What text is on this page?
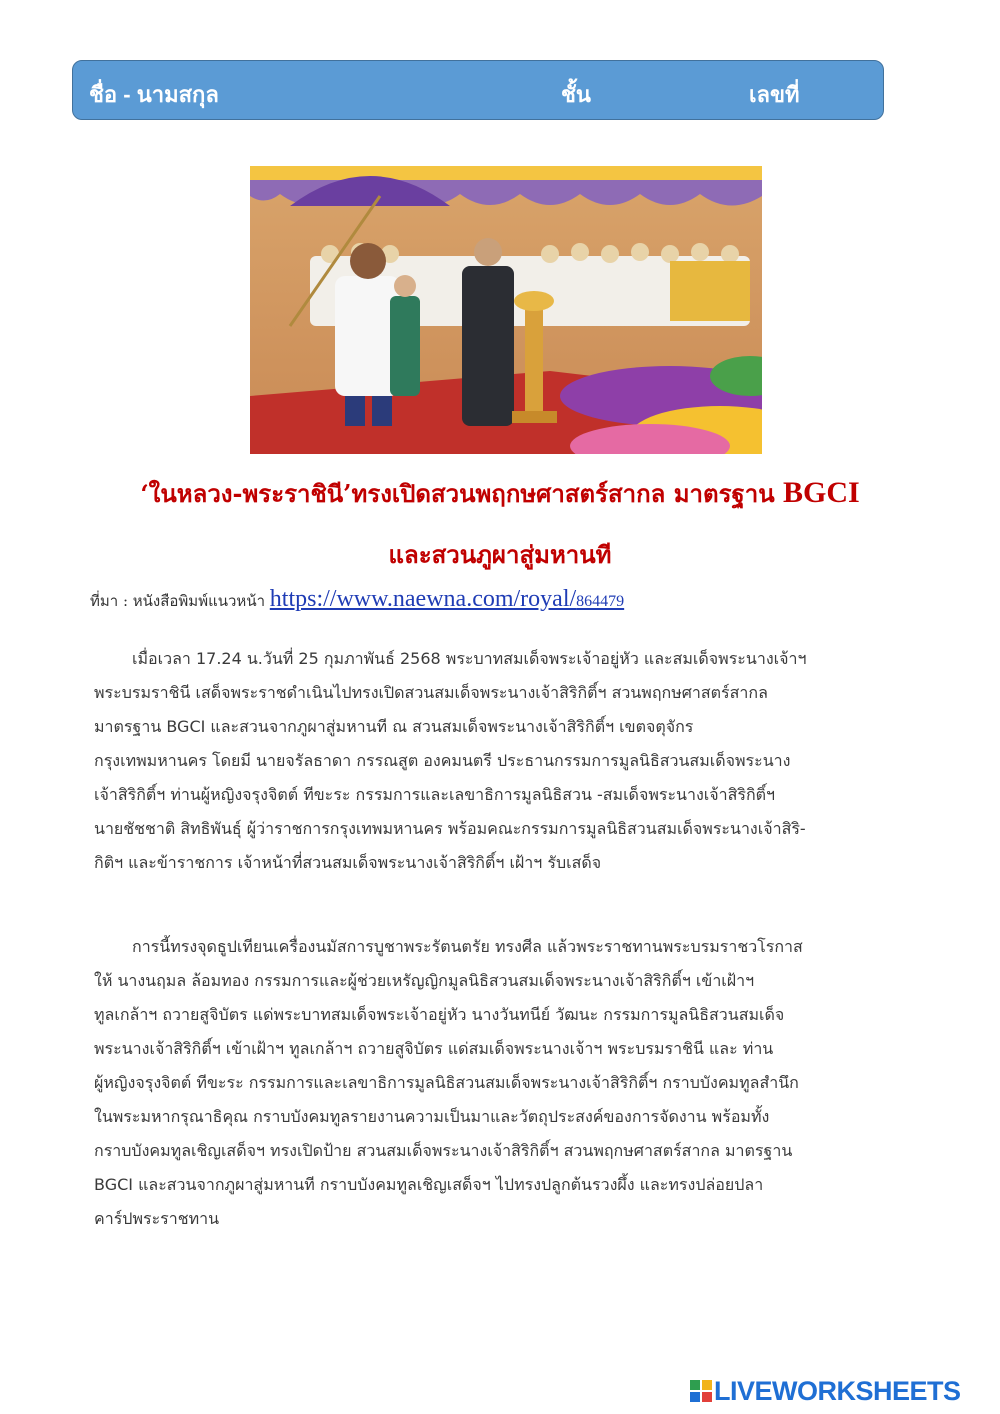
ชื่อ - นามสกุล	ชั้น	เลขที่
‘ในหลวง-พระราชินี’ทรงเปิดสวนพฤกษศาสตร์สากล มาตรฐาน BGCI
และสวนภูผาสู่มหานที
ที่มา : หนังสือพิมพ์แนวหน้า https://www.naewna.com/royal/864479
เมื่อเวลา 17.24 น.วันที่ 25 กุมภาพันธ์ 2568 พระบาทสมเด็จพระเจ้าอยู่หัว และสมเด็จพระนางเจ้าฯ
พระบรมราชินี เสด็จพระราชดำเนินไปทรงเปิดสวนสมเด็จพระนางเจ้าสิริกิติ์ฯ สวนพฤกษศาสตร์สากล
มาตรฐาน BGCI และสวนจากภูผาสู่มหานที ณ สวนสมเด็จพระนางเจ้าสิริกิติ์ฯ เขตจตุจักร
กรุงเทพมหานคร โดยมี นายจรัลธาดา กรรณสูต องคมนตรี ประธานกรรมการมูลนิธิสวนสมเด็จพระนาง
เจ้าสิริกิติ์ฯ ท่านผู้หญิงจรุงจิตต์ ทีขะระ กรรมการและเลขาธิการมูลนิธิสวน -สมเด็จพระนางเจ้าสิริกิติ์ฯ
นายชัชชาติ สิทธิพันธุ์ ผู้ว่าราชการกรุงเทพมหานคร พร้อมคณะกรรมการมูลนิธิสวนสมเด็จพระนางเจ้าสิริ-
กิติฯ และข้าราชการ เจ้าหน้าที่สวนสมเด็จพระนางเจ้าสิริกิติ์ฯ เฝ้าฯ รับเสด็จ
การนี้ทรงจุดธูปเทียนเครื่องนมัสการบูชาพระรัตนตรัย ทรงศีล แล้วพระราชทานพระบรมราชวโรกาส
ให้ นางนฤมล ล้อมทอง กรรมการและผู้ช่วยเหรัญญิกมูลนิธิสวนสมเด็จพระนางเจ้าสิริกิติ์ฯ เข้าเฝ้าฯ
ทูลเกล้าฯ ถวายสูจิบัตร แด่พระบาทสมเด็จพระเจ้าอยู่หัว นางวันทนีย์ วัฒนะ กรรมการมูลนิธิสวนสมเด็จ
พระนางเจ้าสิริกิติ์ฯ เข้าเฝ้าฯ ทูลเกล้าฯ ถวายสูจิบัตร แด่สมเด็จพระนางเจ้าฯ พระบรมราชินี และ ท่าน
ผู้หญิงจรุงจิตต์ ทีขะระ กรรมการและเลขาธิการมูลนิธิสวนสมเด็จพระนางเจ้าสิริกิติ์ฯ กราบบังคมทูลสำนึก
ในพระมหากรุณาธิคุณ กราบบังคมทูลรายงานความเป็นมาและวัตถุประสงค์ของการจัดงาน พร้อมทั้ง
กราบบังคมทูลเชิญเสด็จฯ ทรงเปิดป้าย สวนสมเด็จพระนางเจ้าสิริกิติ์ฯ สวนพฤกษศาสตร์สากล มาตรฐาน
BGCI และสวนจากภูผาสู่มหานที กราบบังคมทูลเชิญเสด็จฯ ไปทรงปลูกต้นรวงผึ้ง และทรงปล่อยปลา
คาร์ปพระราชทาน
LIVEWORKSHEETS
